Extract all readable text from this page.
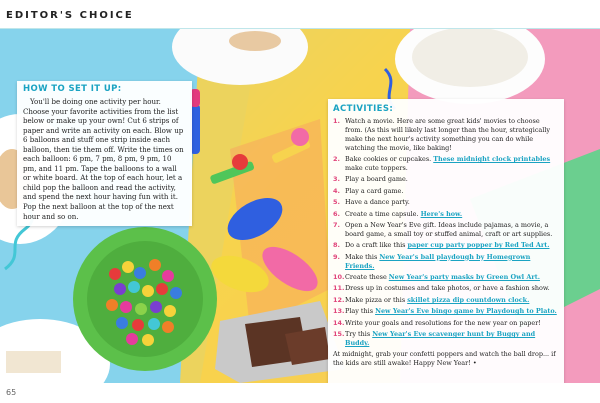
EDITOR'S CHOICE
HOW TO SET IT UP:
You'll be doing one activity per hour. Choose your favorite activities from the list below or make up your own! Cut 6 strips of paper and write an activity on each. Blow up 6 balloons and stuff one strip inside each balloon, then tie them off. Write the times on each balloon: 6 pm, 7 pm, 8 pm, 9 pm, 10 pm, and 11 pm. Tape the balloons to a wall or white board. At the top of each hour, let a child pop the balloon and read the activity, and spend the next hour having fun with it. Pop the next balloon at the top of the next hour and so on.
ACTIVITIES:
1. Watch a movie. Here are some great kids' movies to choose from. (As this will likely last longer than the hour, strategically make the next hour's activity something you can do while watching the movie, like baking!
2. Bake cookies or cupcakes. These midnight clock printables make cute toppers.
3. Play a board game.
4. Play a card game.
5. Have a dance party.
6. Create a time capsule. Here's how.
7. Open a New Year's Eve gift. Ideas include pajamas, a movie, a board game, a small toy or stuffed animal, craft or art supplies.
8. Do a craft like this paper cup party popper by Red Ted Art.
9. Make this New Year's ball playdough by Homegrown Friends.
10. Create these New Year's party masks by Green Owl Art.
11. Dress up in costumes and take photos, or have a fashion show.
12. Make pizza or this skillet pizza dip countdown clock.
13. Play this New Year's Eve bingo game by Playdough to Plato.
14. Write your goals and resolutions for the new year on paper!
15. Try this New Year's Eve scavenger hunt by Buggy and Buddy.
At midnight, grab your confetti poppers and watch the ball drop... if the kids are still awake! Happy New Year! •
65
